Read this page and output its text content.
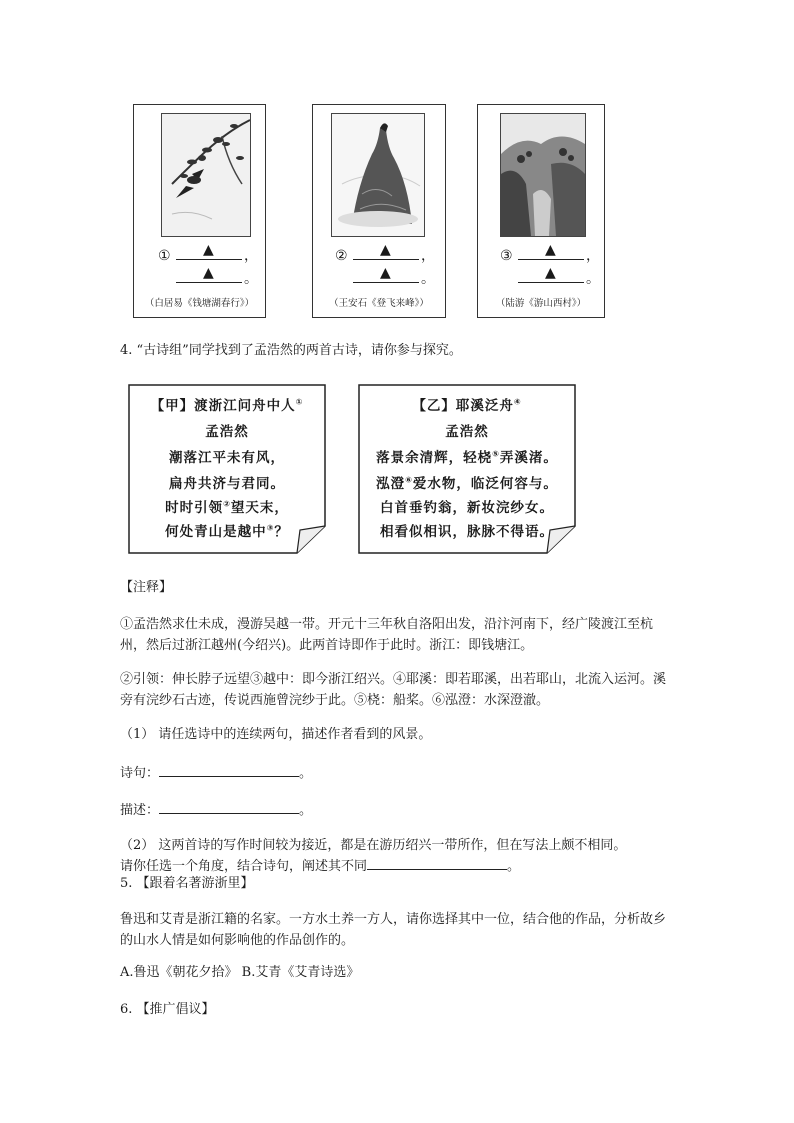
① ▲ ，
▲ 。
（白居易《钱塘湖春行》）
② ▲ ，
▲ 。
（王安石《登飞来峰》）
③ ▲ ，
▲ 。
（陆游《游山西村》）
4. “古诗组”同学找到了孟浩然的两首古诗，请你参与探究。
【甲】渡浙江问舟中人①
孟浩然
潮落江平未有风，
扁舟共济与君同。
时时引领②望天末，
何处青山是越中③？
【乙】耶溪泛舟④
孟浩然
落景余清辉，轻桡⑤弄溪渚。
泓澄⑥爱水物，临泛何容与。
白首垂钓翁，新妆浣纱女。
相看似相识，脉脉不得语。
【注释】
①孟浩然求仕未成，漫游吴越一带。开元十三年秋自洛阳出发，沿汴河南下，经广陵渡江至杭州，然后过浙江越州(今绍兴)。此两首诗即作于此时。浙江：即钱塘江。
②引领：伸长脖子远望③越中：即今浙江绍兴。④耶溪：即若耶溪，出若耶山，北流入运河。溪旁有浣纱石古迹，传说西施曾浣纱于此。⑤桡：船桨。⑥泓澄：水深澄澈。
（1） 请任选诗中的连续两句，描述作者看到的风景。
诗句：	。
描述：	。
（2） 这两首诗的写作时间较为接近，都是在游历绍兴一带所作，但在写法上颇不相同。
请你任选一个角度，结合诗句，阐述其不同	。
5. 【跟着名著游浙里】
鲁迅和艾青是浙江籍的名家。一方水土养一方人，请你选择其中一位，结合他的作品，分析故乡的山水人情是如何影响他的作品创作的。
A.鲁迅《朝花夕拾》 B.艾青《艾青诗选》
6. 【推广倡议】
